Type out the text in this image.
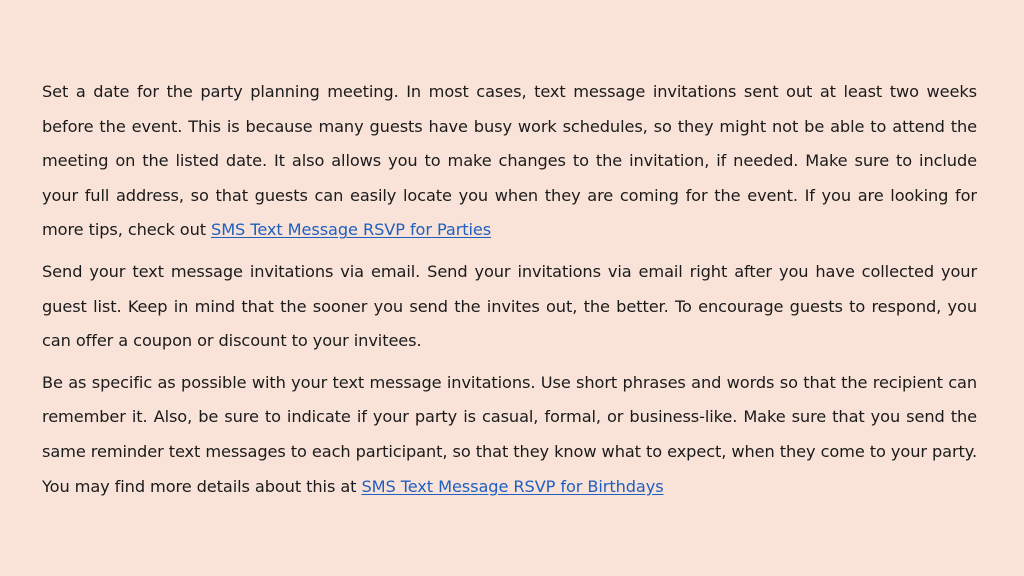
Set a date for the party planning meeting. In most cases, text message invitations sent out at least two weeks before the event. This is because many guests have busy work schedules, so they might not be able to attend the meeting on the listed date. It also allows you to make changes to the invitation, if needed. Make sure to include your full address, so that guests can easily locate you when they are coming for the event. If you are looking for more tips, check out SMS Text Message RSVP for Parties

Send your text message invitations via email. Send your invitations via email right after you have collected your guest list. Keep in mind that the sooner you send the invites out, the better. To encourage guests to respond, you can offer a coupon or discount to your invitees.

Be as specific as possible with your text message invitations. Use short phrases and words so that the recipient can remember it. Also, be sure to indicate if your party is casual, formal, or business-like. Make sure that you send the same reminder text messages to each participant, so that they know what to expect, when they come to your party. You may find more details about this at SMS Text Message RSVP for Birthdays
